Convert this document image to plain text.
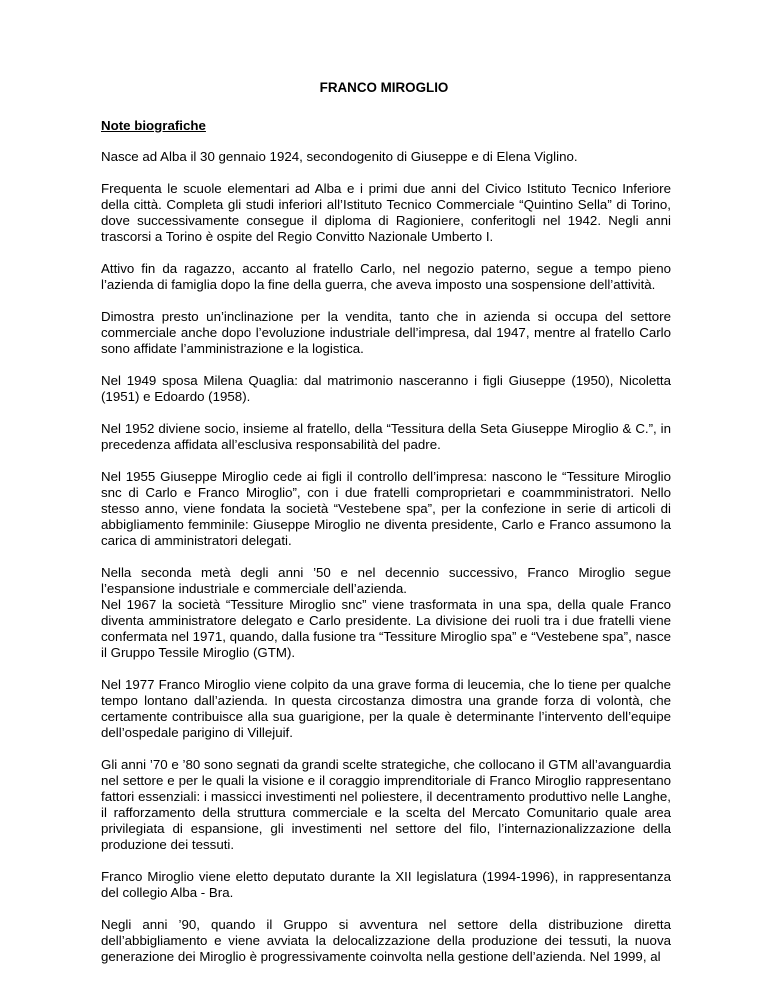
FRANCO MIROGLIO
Note biografiche

Nasce ad Alba il 30 gennaio 1924, secondogenito di Giuseppe e di Elena Viglino.

Frequenta le scuole elementari ad Alba e i primi due anni del Civico Istituto Tecnico Inferiore della città. Completa gli studi inferiori all’Istituto Tecnico Commerciale “Quintino Sella” di Torino, dove successivamente consegue il diploma di Ragioniere, conferitogli nel 1942. Negli anni trascorsi a Torino è ospite del Regio Convitto Nazionale Umberto I.

Attivo fin da ragazzo, accanto al fratello Carlo, nel negozio paterno, segue a tempo pieno l’azienda di famiglia dopo la fine della guerra, che aveva imposto una sospensione dell’attività.

Dimostra presto un’inclinazione per la vendita, tanto che in azienda si occupa del settore commerciale anche dopo l’evoluzione industriale dell’impresa, dal 1947, mentre al fratello Carlo sono affidate l’amministrazione e la logistica.

Nel 1949 sposa Milena Quaglia: dal matrimonio nasceranno i figli Giuseppe (1950), Nicoletta (1951) e Edoardo (1958).

Nel 1952 diviene socio, insieme al fratello, della “Tessitura della Seta Giuseppe Miroglio & C.”, in precedenza affidata all’esclusiva responsabilità del padre.

Nel 1955 Giuseppe Miroglio cede ai figli il controllo dell’impresa: nascono le “Tessiture Miroglio snc di Carlo e Franco Miroglio”, con i due fratelli comproprietari e coammministratori. Nello stesso anno, viene fondata la società “Vestebene spa”, per la confezione in serie di articoli di abbigliamento femminile: Giuseppe Miroglio ne diventa presidente, Carlo e Franco assumono la carica di amministratori delegati.

Nella seconda metà degli anni ’50 e nel decennio successivo, Franco Miroglio segue l’espansione industriale e commerciale dell’azienda.

Nel 1967 la società “Tessiture Miroglio snc” viene trasformata in una spa, della quale Franco diventa amministratore delegato e Carlo presidente. La divisione dei ruoli tra i due fratelli viene confermata nel 1971, quando, dalla fusione tra “Tessiture Miroglio spa” e “Vestebene spa”, nasce il Gruppo Tessile Miroglio (GTM).

Nel 1977 Franco Miroglio viene colpito da una grave forma di leucemia, che lo tiene per qualche tempo lontano dall’azienda. In questa circostanza dimostra una grande forza di volontà, che certamente contribuisce alla sua guarigione, per la quale è determinante l’intervento dell’equipe dell’ospedale parigino di Villejuif.

Gli anni ’70 e ’80 sono segnati da grandi scelte strategiche, che collocano il GTM all’avanguardia nel settore e per le quali la visione e il coraggio imprenditoriale di Franco Miroglio rappresentano fattori essenziali: i massicci investimenti nel poliestere, il decentramento produttivo nelle Langhe, il rafforzamento della struttura commerciale e la scelta del Mercato Comunitario quale area privilegiata di espansione, gli investimenti nel settore del filo, l’internazionalizzazione della produzione dei tessuti.

Franco Miroglio viene eletto deputato durante la XII legislatura (1994-1996), in rappresentanza del collegio Alba - Bra.

Negli anni ’90, quando il Gruppo si avventura nel settore della distribuzione diretta dell’abbigliamento e viene avviata la delocalizzazione della produzione dei tessuti, la nuova generazione dei Miroglio è progressivamente coinvolta nella gestione dell’azienda. Nel 1999, al
